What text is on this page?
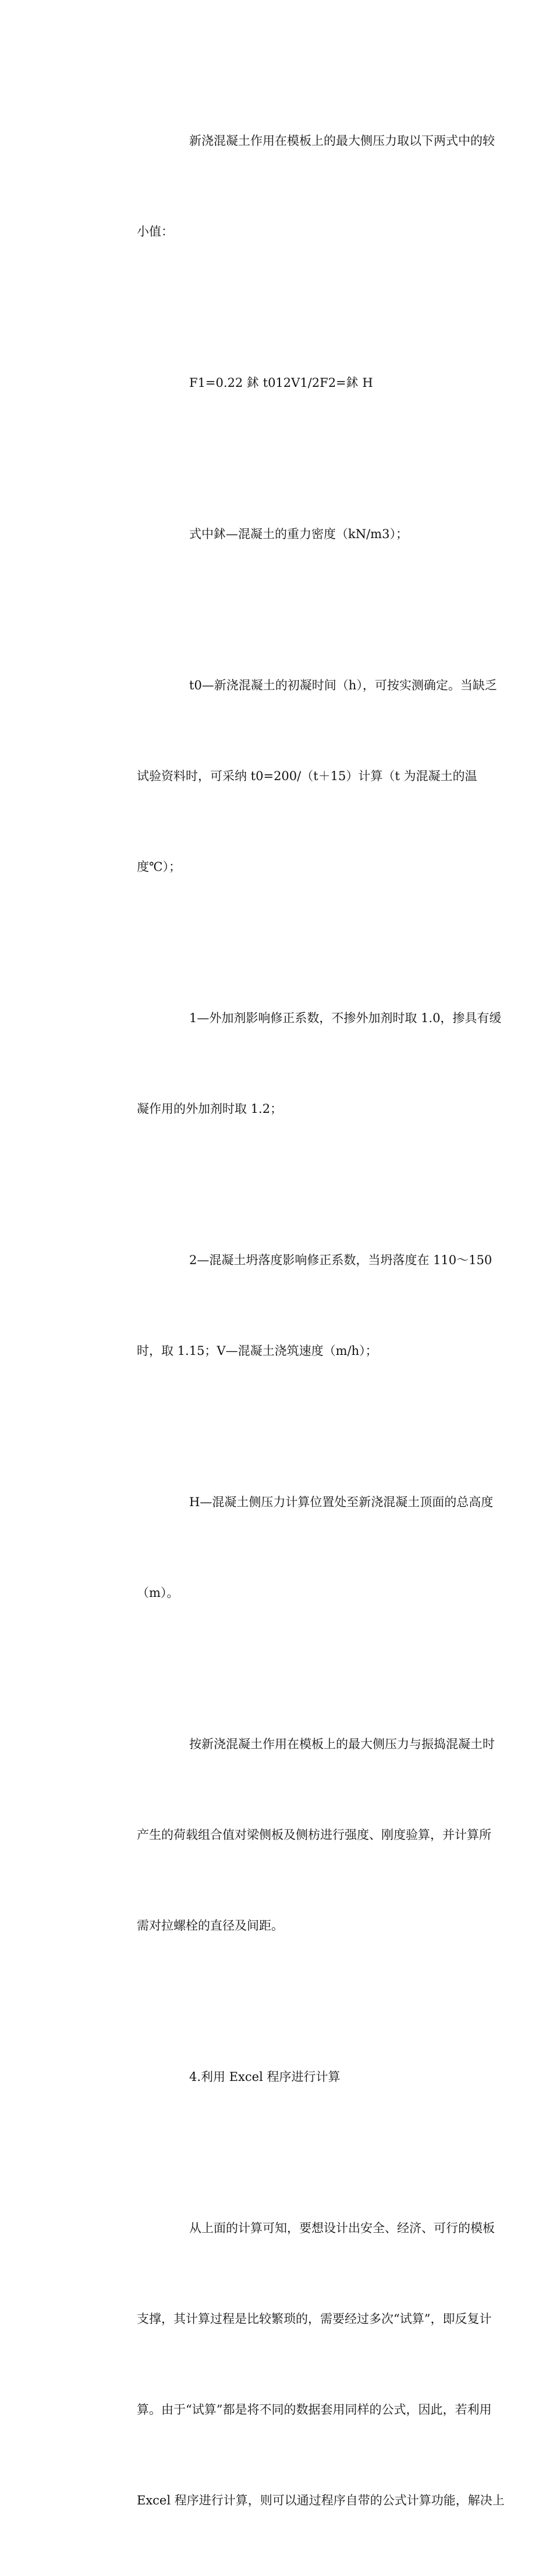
新浇混凝土作用在模板上的最大侧压力取以下两式中的较

小值：

F1=0.22 鉥 t012V1/2F2=鉥 H

式中鉥—混凝土的重力密度（kN/m3）；

t0—新浇混凝土的初凝时间（h），可按实测确定。当缺乏

试验资料时，可采纳 t0=200/（t＋15）计算（t 为混凝土的温

度℃）；

1—外加剂影响修正系数，不掺外加剂时取 1.0，掺具有缓

凝作用的外加剂时取 1.2；

2—混凝土坍落度影响修正系数，当坍落度在 110～150

时，取 1.15；V—混凝土浇筑速度（m/h）；

H—混凝土侧压力计算位置处至新浇混凝土顶面的总高度

（m）。

按新浇混凝土作用在模板上的最大侧压力与振捣混凝土时

产生的荷载组合值对梁侧板及侧枋进行强度、刚度验算，并计算所

需对拉螺栓的直径及间距。

4.利用 Excel 程序进行计算

从上面的计算可知，要想设计出安全、经济、可行的模板

支撑，其计算过程是比较繁琐的，需要经过多次“试算”，即反复计

算。由于“试算”都是将不同的数据套用同样的公式，因此，若利用

Excel 程序进行计算，则可以通过程序自带的公式计算功能，解决上
